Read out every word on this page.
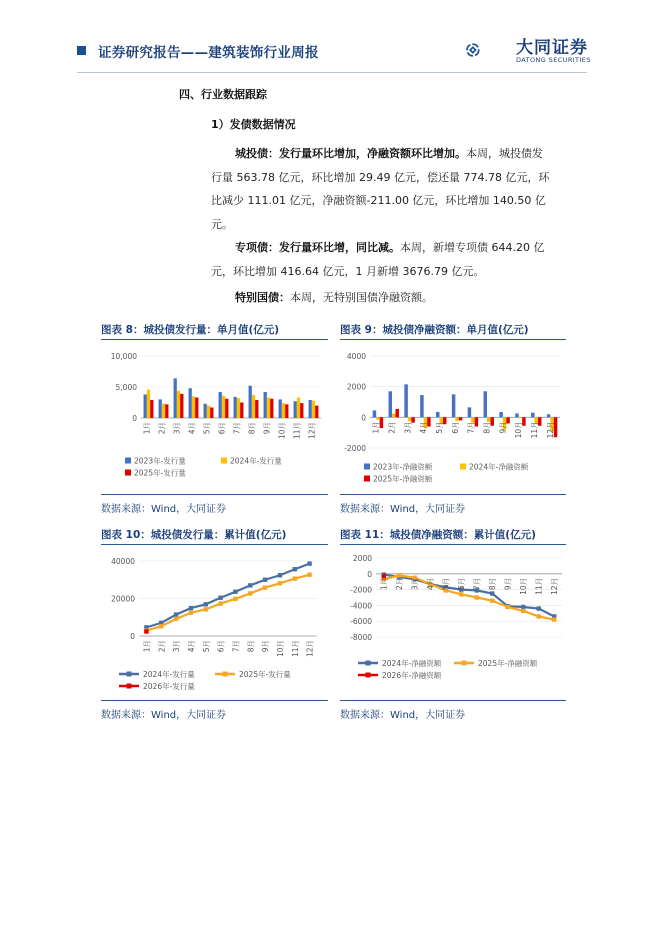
证券研究报告——建筑装饰行业周报	大同证券
DATONG SECURITIES
四、行业数据跟踪
1）发债数据情况
城投债：发行量环比增加，净融资额环比增加。本周，城投债发行量 563.78 亿元，环比增加 29.49 亿元，偿还量 774.78 亿元，环比减少 111.01 亿元，净融资额-211.00 亿元，环比增加 140.50 亿元。
专项债：发行量环比增，同比减。本周，新增专项债 644.20 亿元，环比增加 416.64 亿元，1 月新增 3676.79 亿元。
特别国债：本周，无特别国债净融资额。
图表 8：城投债发行量：单月值(亿元)	图表 9：城投债净融资额：单月值(亿元)
10,000
5,000
0
1月 2月 3月 4月 5月 6月 7月 8月 9月 10月 11月 12月
2023年-发行量	2024年-发行量
2025年-发行量
4000
2000
0
-2000
1月 2月 3月 4月 5月 6月 7月 8月 9月 10月 11月 12月
2023年-净融资额	2024年-净融资额
2025年-净融资额
数据来源：Wind，大同证券	数据来源：Wind，大同证券
图表 10：城投债发行量：累计值(亿元)	图表 11：城投债净融资额：累计值(亿元)
40000
20000
0
1月 2月 3月 4月 5月 6月 7月 8月 9月 10月 11月 12月
2024年-发行量	2025年-发行量
2026年-发行量
2000
0
-2000
-4000
-6000
-8000
1月 2月 3月 4月 5月 6月 7月 8月 9月 10月 11月 12月
2024年-净融资额	2025年-净融资额
2026年-净融资额
数据来源：Wind，大同证券	数据来源：Wind，大同证券
